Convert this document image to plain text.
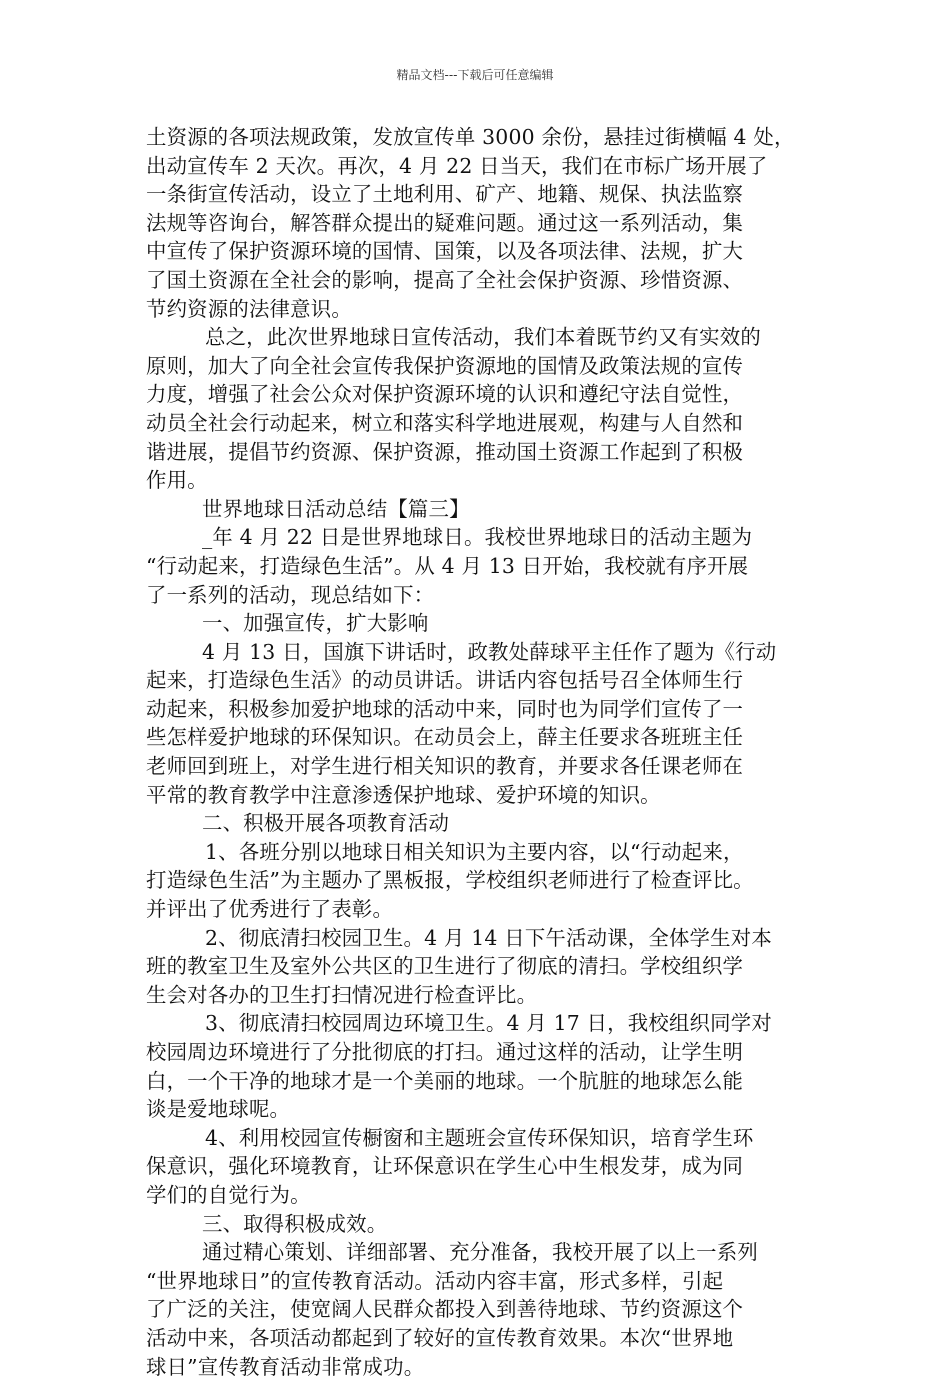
精品文档---下载后可任意编辑
土资源的各项法规政策，发放宣传单 3000 余份，悬挂过街横幅 4 处，
出动宣传车 2 天次。再次，4 月 22 日当天，我们在市标广场开展了
一条街宣传活动，设立了土地利用、矿产、地籍、规保、执法监察
法规等咨询台，解答群众提出的疑难问题。通过这一系列活动，集
中宣传了保护资源环境的国情、国策，以及各项法律、法规，扩大
了国土资源在全社会的影响，提高了全社会保护资源、珍惜资源、
节约资源的法律意识。
总之，此次世界地球日宣传活动，我们本着既节约又有实效的
原则，加大了向全社会宣传我保护资源地的国情及政策法规的宣传
力度，增强了社会公众对保护资源环境的认识和遵纪守法自觉性，
动员全社会行动起来，树立和落实科学地进展观，构建与人自然和
谐进展，提倡节约资源、保护资源，推动国土资源工作起到了积极
作用。
世界地球日活动总结【篇三】
_年 4 月 22 日是世界地球日。我校世界地球日的活动主题为
“行动起来，打造绿色生活”。从 4 月 13 日开始，我校就有序开展
了一系列的活动，现总结如下：
一、加强宣传，扩大影响
4 月 13 日，国旗下讲话时，政教处薛球平主任作了题为《行动
起来，打造绿色生活》的动员讲话。讲话内容包括号召全体师生行
动起来，积极参加爱护地球的活动中来，同时也为同学们宣传了一
些怎样爱护地球的环保知识。在动员会上，薛主任要求各班班主任
老师回到班上，对学生进行相关知识的教育，并要求各任课老师在
平常的教育教学中注意渗透保护地球、爱护环境的知识。
二、积极开展各项教育活动
1、各班分别以地球日相关知识为主要内容，以“行动起来，
打造绿色生活”为主题办了黑板报，学校组织老师进行了检查评比。
并评出了优秀进行了表彰。
2、彻底清扫校园卫生。4 月 14 日下午活动课，全体学生对本
班的教室卫生及室外公共区的卫生进行了彻底的清扫。学校组织学
生会对各办的卫生打扫情况进行检查评比。
3、彻底清扫校园周边环境卫生。4 月 17 日，我校组织同学对
校园周边环境进行了分批彻底的打扫。通过这样的活动，让学生明
白，一个干净的地球才是一个美丽的地球。一个肮脏的地球怎么能
谈是爱地球呢。
4、利用校园宣传橱窗和主题班会宣传环保知识，培育学生环
保意识，强化环境教育，让环保意识在学生心中生根发芽，成为同
学们的自觉行为。
三、取得积极成效。
通过精心策划、详细部署、充分准备，我校开展了以上一系列
“世界地球日”的宣传教育活动。活动内容丰富，形式多样，引起
了广泛的关注，使宽阔人民群众都投入到善待地球、节约资源这个
活动中来，各项活动都起到了较好的宣传教育效果。本次“世界地
球日”宣传教育活动非常成功。
